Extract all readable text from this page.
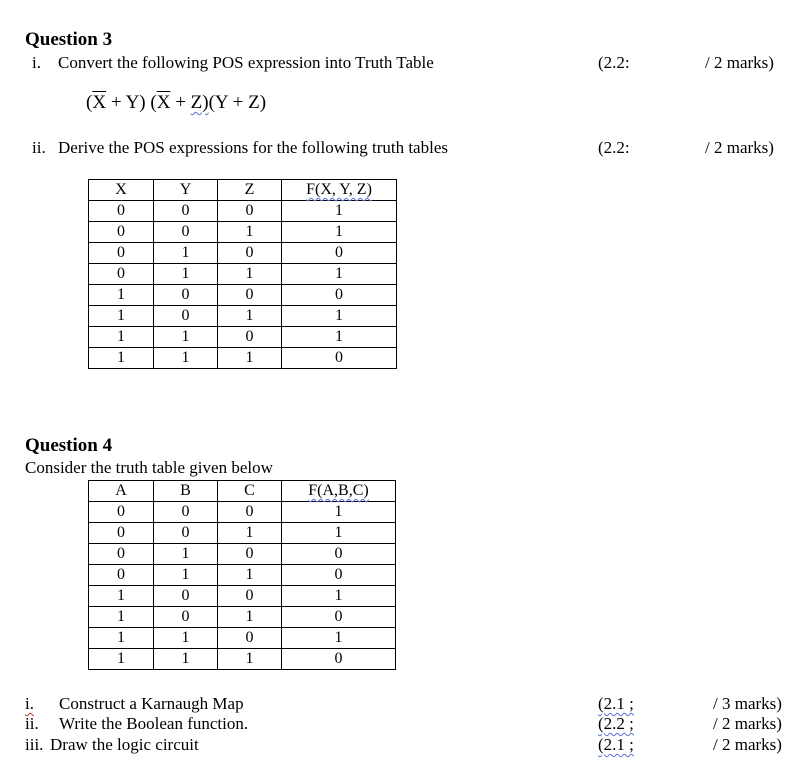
Question 3
i. Convert the following POS expression into Truth Table	(2.2:	/ 2 marks)
$(\overline{X} + Y) (\overline{X} + Z)(Y + Z)$
ii. Derive the POS expressions for the following truth tables	(2.2:	/ 2 marks)
X	Y	Z	F(X, Y, Z)
0	0	0	1
0	0	1	1
0	1	0	0
0	1	1	1
1	0	0	0
1	0	1	1
1	1	0	1
1	1	1	0
Question 4
Consider the truth table given below
A	B	C	F(A,B,C)
0	0	0	1
0	0	1	1
0	1	0	0
0	1	1	0
1	0	0	1
1	0	1	0
1	1	0	1
1	1	1	0
i. Construct a Karnaugh Map	(2.1 ;	/ 3 marks)
ii. Write the Boolean function.	(2.2 ;	/ 2 marks)
iii. Draw the logic circuit	(2.1 ;	/ 2 marks)
